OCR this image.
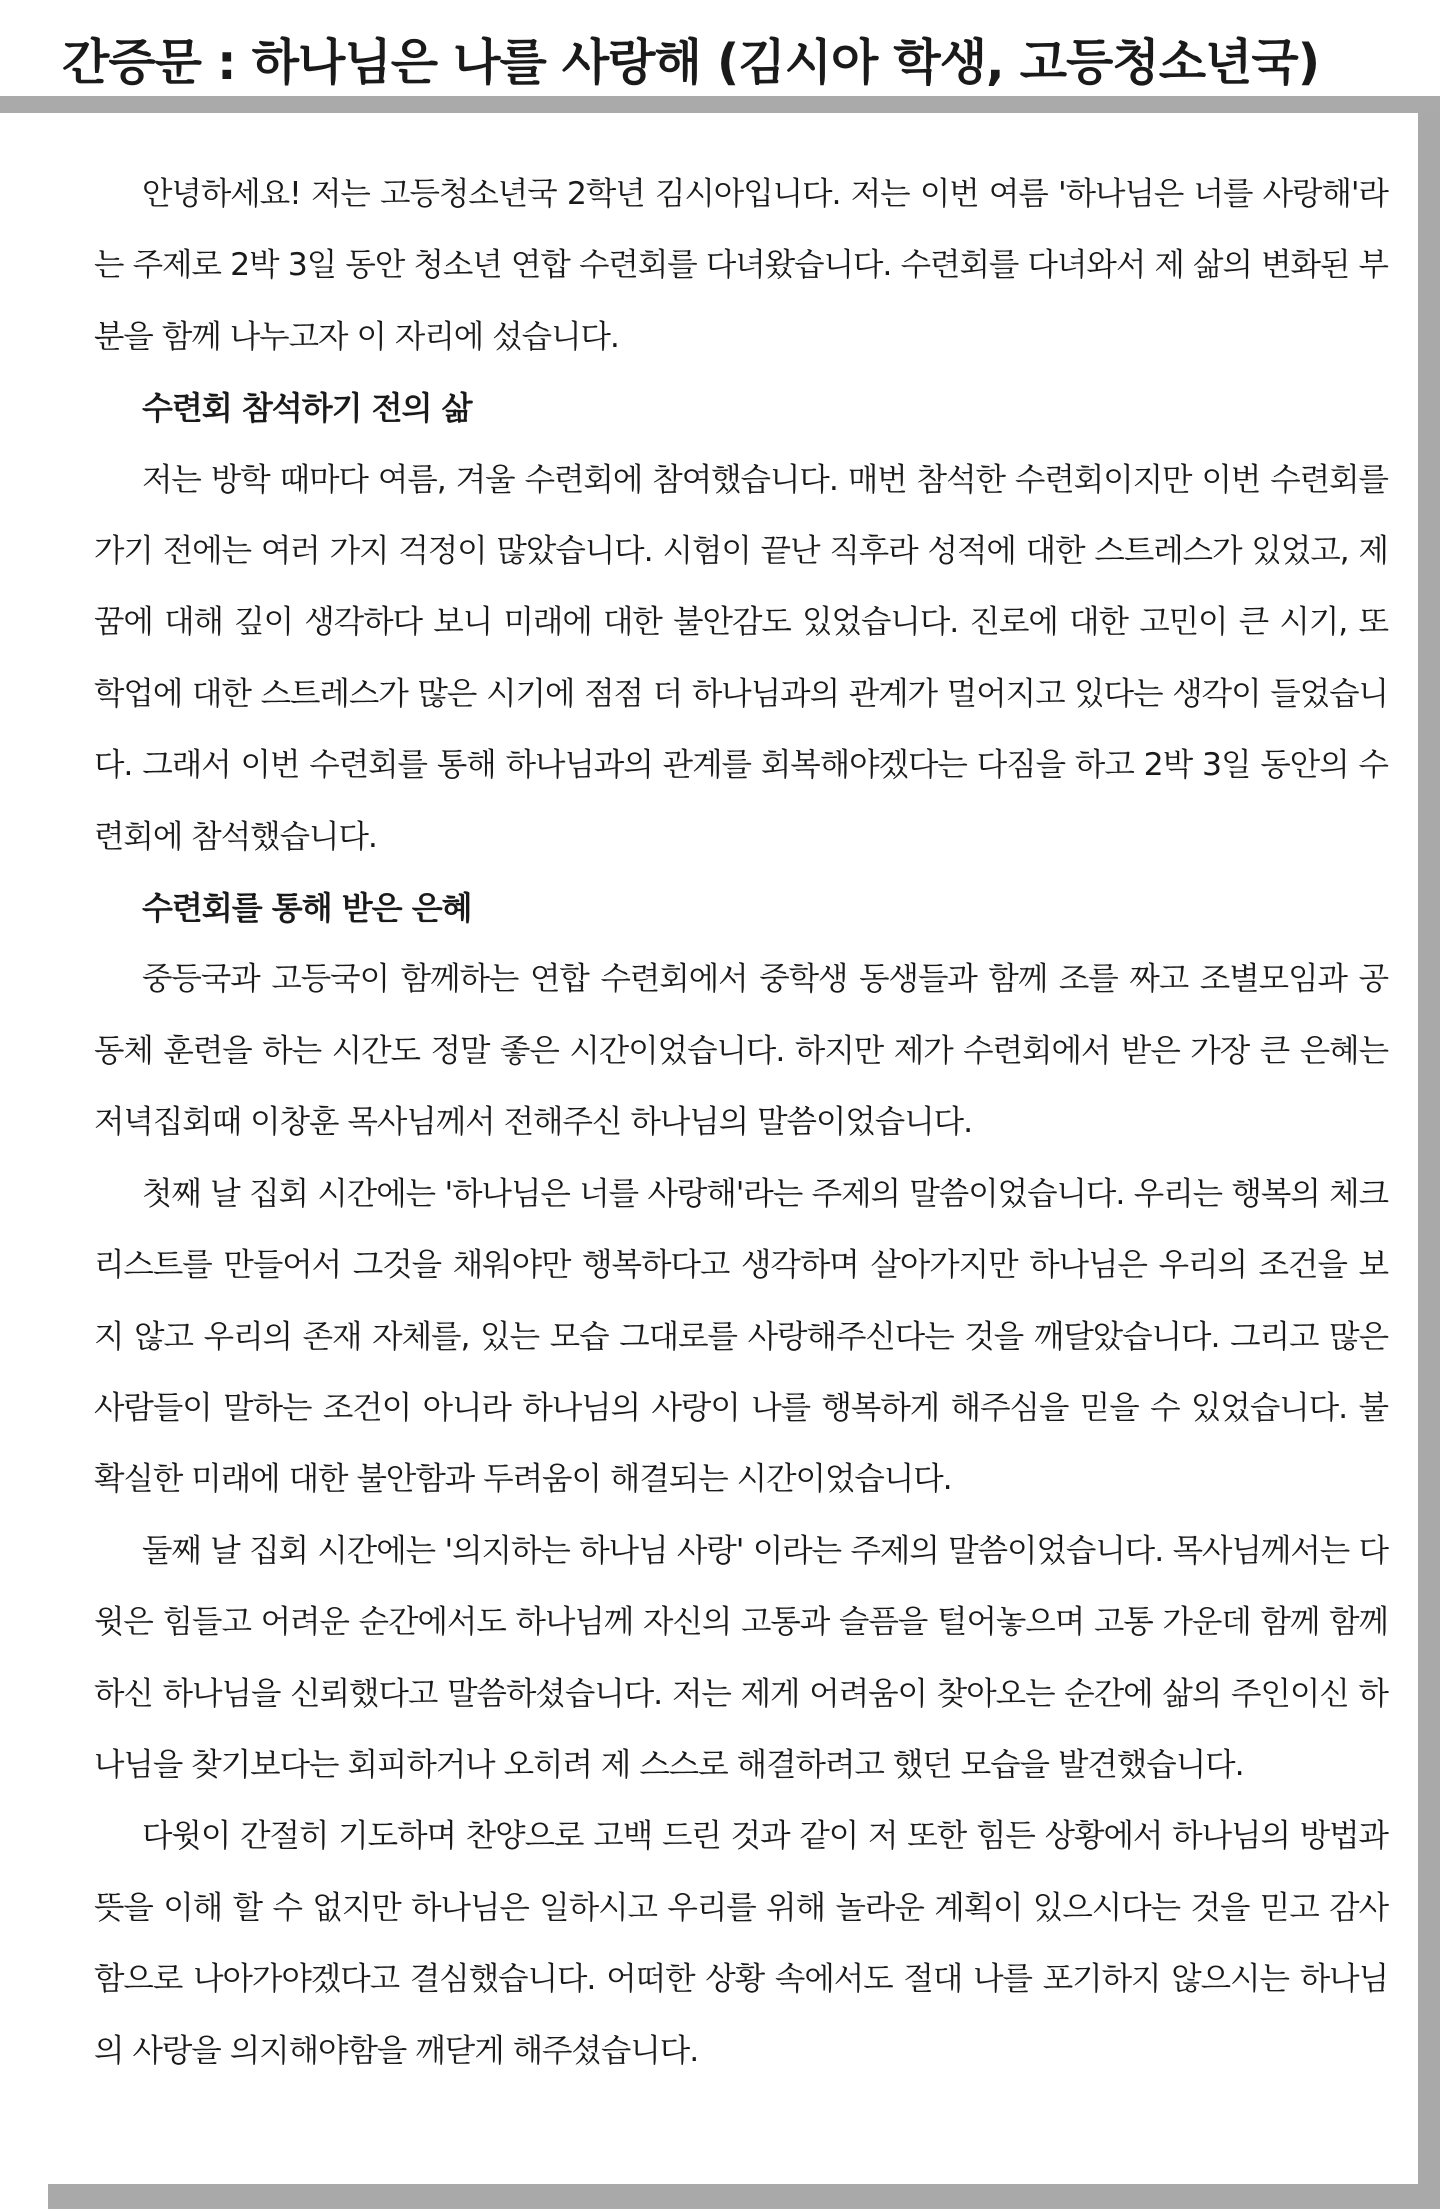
간증문 : 하나님은 나를 사랑해 (김시아 학생, 고등청소년국)

안녕하세요! 저는 고등청소년국 2학년 김시아입니다. 저는 이번 여름 '하나님은 너를 사랑해'라는 주제로 2박 3일 동안 청소년 연합 수련회를 다녀왔습니다. 수련회를 다녀와서 제 삶의 변화된 부분을 함께 나누고자 이 자리에 섰습니다.

수련회 참석하기 전의 삶

저는 방학 때마다 여름, 겨울 수련회에 참여했습니다. 매번 참석한 수련회이지만 이번 수련회를 가기 전에는 여러 가지 걱정이 많았습니다. 시험이 끝난 직후라 성적에 대한 스트레스가 있었고, 제 꿈에 대해 깊이 생각하다 보니 미래에 대한 불안감도 있었습니다. 진로에 대한 고민이 큰 시기, 또 학업에 대한 스트레스가 많은 시기에 점점 더 하나님과의 관계가 멀어지고 있다는 생각이 들었습니다. 그래서 이번 수련회를 통해 하나님과의 관계를 회복해야겠다는 다짐을 하고 2박 3일 동안의 수련회에 참석했습니다.

수련회를 통해 받은 은혜

중등국과 고등국이 함께하는 연합 수련회에서 중학생 동생들과 함께 조를 짜고 조별모임과 공동체 훈련을 하는 시간도 정말 좋은 시간이었습니다. 하지만 제가 수련회에서 받은 가장 큰 은혜는 저녁집회때 이창훈 목사님께서 전해주신 하나님의 말씀이었습니다.

첫째 날 집회 시간에는 '하나님은 너를 사랑해'라는 주제의 말씀이었습니다. 우리는 행복의 체크리스트를 만들어서 그것을 채워야만 행복하다고 생각하며 살아가지만 하나님은 우리의 조건을 보지 않고 우리의 존재 자체를, 있는 모습 그대로를 사랑해주신다는 것을 깨달았습니다. 그리고 많은 사람들이 말하는 조건이 아니라 하나님의 사랑이 나를 행복하게 해주심을 믿을 수 있었습니다. 불확실한 미래에 대한 불안함과 두려움이 해결되는 시간이었습니다.

둘째 날 집회 시간에는 '의지하는 하나님 사랑' 이라는 주제의 말씀이었습니다. 목사님께서는 다윗은 힘들고 어려운 순간에서도 하나님께 자신의 고통과 슬픔을 털어놓으며 고통 가운데 함께 함께하신 하나님을 신뢰했다고 말씀하셨습니다. 저는 제게 어려움이 찾아오는 순간에 삶의 주인이신 하나님을 찾기보다는 회피하거나 오히려 제 스스로 해결하려고 했던 모습을 발견했습니다.

다윗이 간절히 기도하며 찬양으로 고백 드린 것과 같이 저 또한 힘든 상황에서 하나님의 방법과 뜻을 이해 할 수 없지만 하나님은 일하시고 우리를 위해 놀라운 계획이 있으시다는 것을 믿고 감사함으로 나아가야겠다고 결심했습니다. 어떠한 상황 속에서도 절대 나를 포기하지 않으시는 하나님의 사랑을 의지해야함을 깨닫게 해주셨습니다.
